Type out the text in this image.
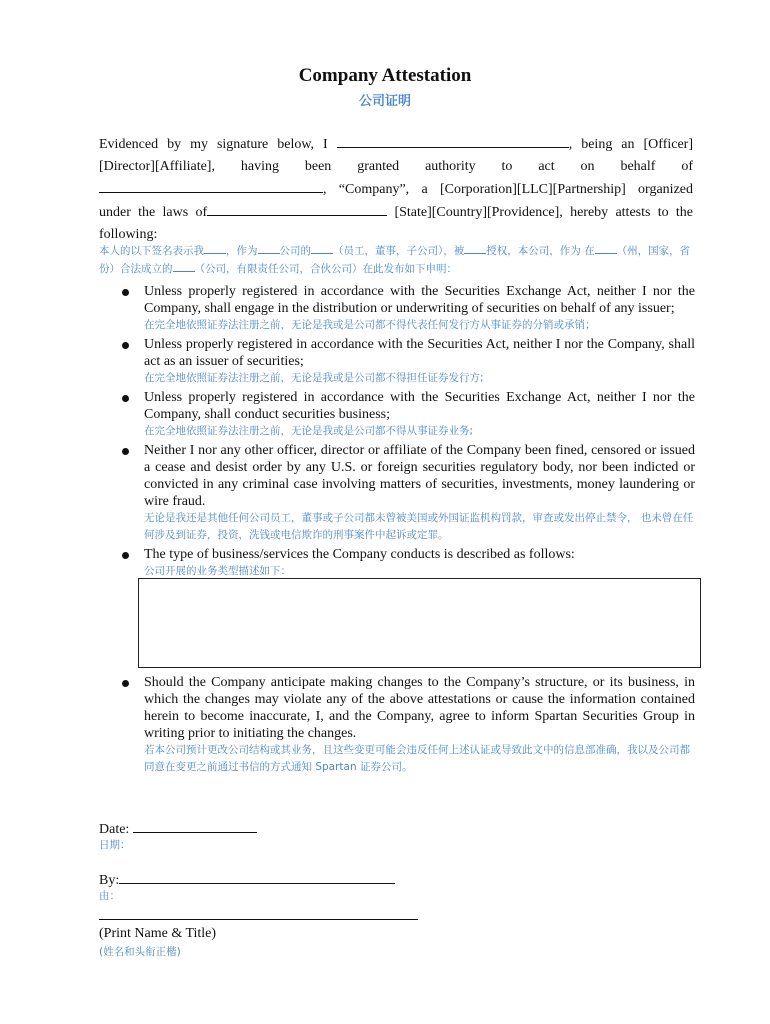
Company Attestation
公司证明

Evidenced by my signature below, I	, being an [Officer][Director][Affiliate], having been granted authority to act on behalf of, “Company”, a [Corporation][LLC][Partnership] organized under the laws of	[State][Country][Providence], hereby attests to the following:

本人的以下签名表示我 ，作为 公司的 （员工，董事，子公司），被 授权，本公司，作为 在 （州，国家，省份）合法成立的 （公司，有限责任公司，合伙公司）在此发布如下申明：
Unless properly registered in accordance with the Securities Exchange Act, neither I nor the Company, shall engage in the distribution or underwriting of securities on behalf of any issuer;
在完全地依照证券法注册之前，无论是我或是公司都不得代表任何发行方从事证券的分销或承销；
Unless properly registered in accordance with the Securities Act, neither I nor the Company, shall act as an issuer of securities;
在完全地依照证券法注册之前，无论是我或是公司都不得担任证券发行方;
Unless properly registered in accordance with the Securities Exchange Act, neither I nor the Company, shall conduct securities business;
在完全地依照证券法注册之前，无论是我或是公司都不得从事证券业务;
Neither I nor any other officer, director or affiliate of the Company been fined, censored or issued a cease and desist order by any U.S. or foreign securities regulatory body, nor been indicted or convicted in any criminal case involving matters of securities, investments, money laundering or wire fraud.
无论是我还是其他任何公司员工，董事或子公司都未曾被美国或外国证监机构罚款，审查或发出停止禁令， 也未曾在任何涉及到证券，投资，洗钱或电信欺诈的刑事案件中起诉或定罪。
The type of business/services the Company conducts is described as follows:
公司开展的业务类型描述如下：
Should the Company anticipate making changes to the Company’s structure, or its business, in which the changes may violate any of the above attestations or cause the information contained herein to become inaccurate, I, and the Company, agree to inform Spartan Securities Group in writing prior to initiating the changes.
若本公司预计更改公司结构或其业务，且这些变更可能会违反任何上述认证或导致此文中的信息部准确，我以及公司都同意在变更之前通过书信的方式通知 Spartan 证券公司。
Date:
日期：
By:
由：
(Print Name & Title)
(姓名和头衔正楷)
